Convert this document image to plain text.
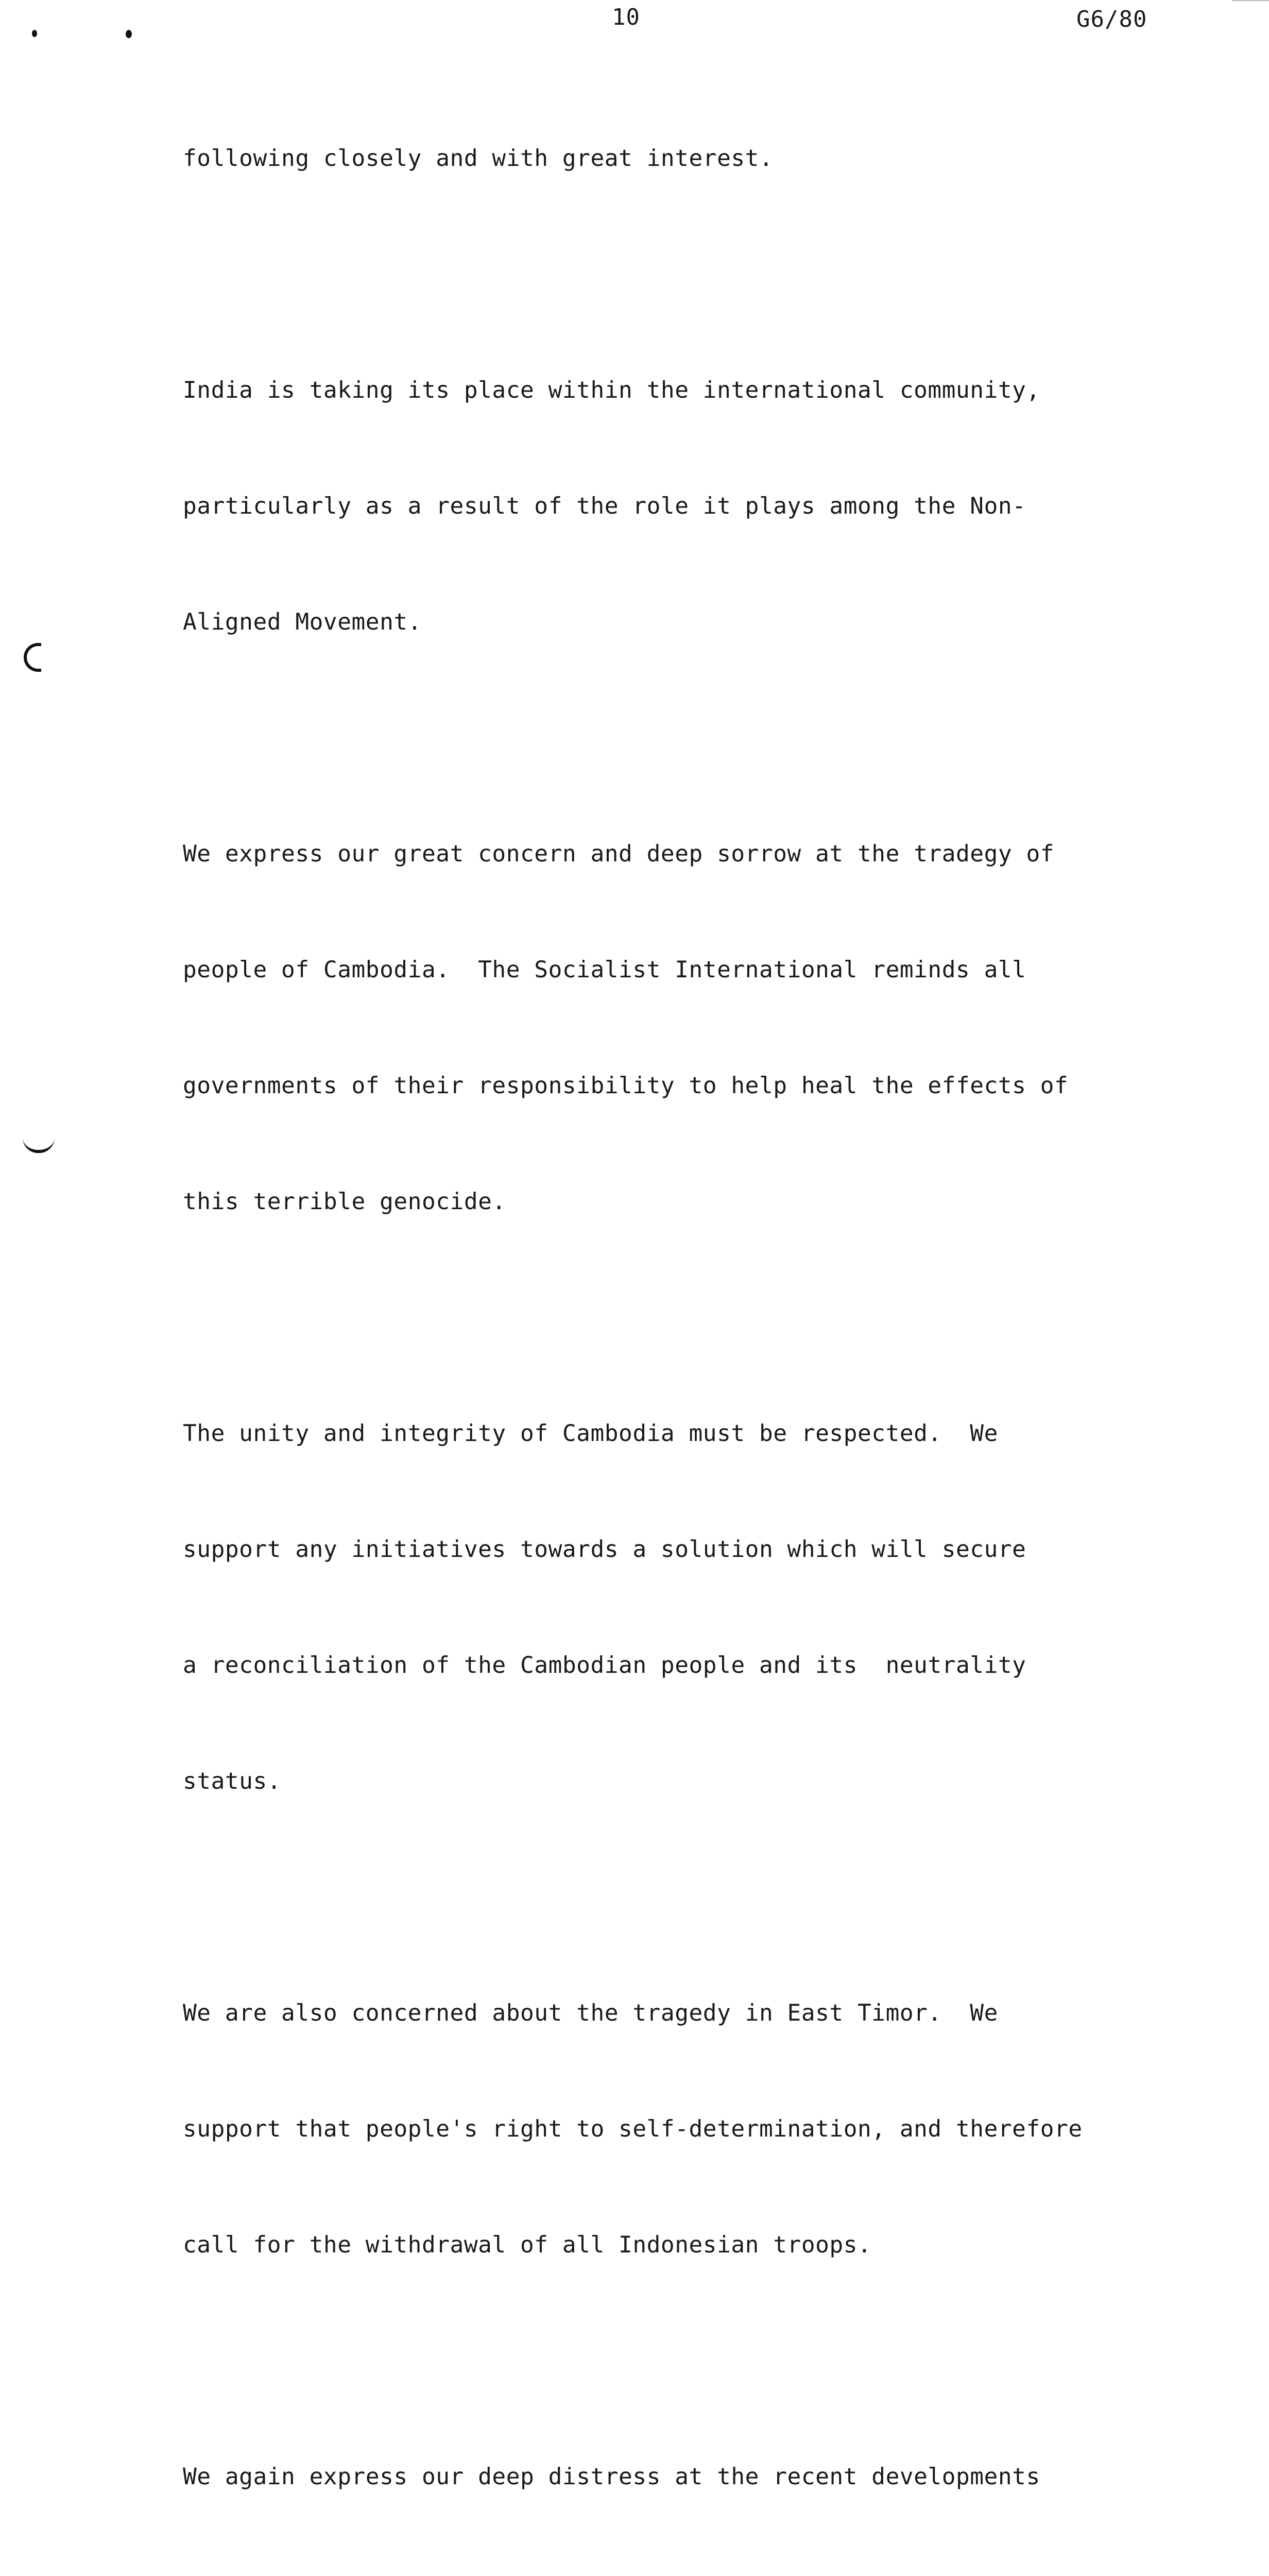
10	G6/80

following closely and with great interest.

India is taking its place within the international community,

particularly as a result of the role it plays among the Non-

Aligned Movement.

We express our great concern and deep sorrow at the tradegy of

people of Cambodia.  The Socialist International reminds all

governments of their responsibility to help heal the effects of

this terrible genocide.

The unity and integrity of Cambodia must be respected.  We

support any initiatives towards a solution which will secure

a reconciliation of the Cambodian people and its  neutrality

status.

We are also concerned about the tragedy in East Timor.  We

support that people's right to self-determination, and therefore

call for the withdrawal of all Indonesian troops.

We again express our deep distress at the recent developments
